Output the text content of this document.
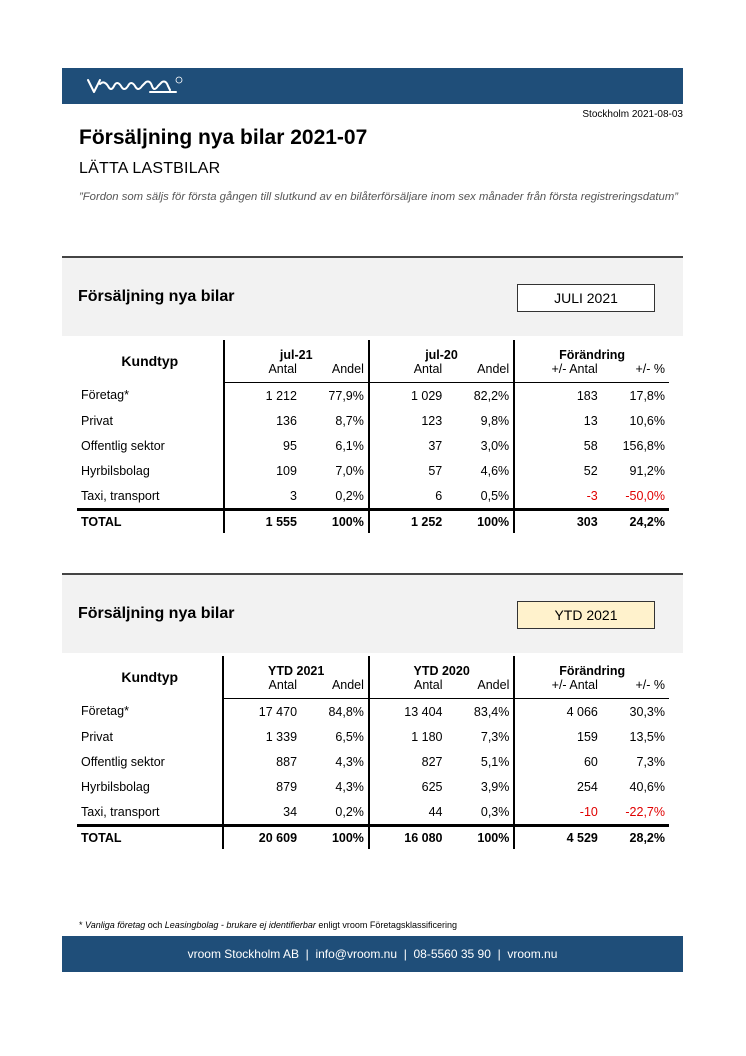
Stockholm 2021-08-03
Försäljning nya bilar 2021-07
LÄTTA LASTBILAR
”Fordon som säljs för första gången till slutkund av en bilåterförsäljare inom sex månader från första registreringsdatum”
Försäljning nya bilar	JULI 2021
Kundtyp	jul-21		jul-20		Förändring	
	Antal	Andel	Antal	Andel	+/- Antal	+/- %
Företag*	1 212	77,9%	1 029	82,2%	183	17,8%
Privat	136	8,7%	123	9,8%	13	10,6%
Offentlig sektor	95	6,1%	37	3,0%	58	156,8%
Hyrbilsbolag	109	7,0%	57	4,6%	52	91,2%
Taxi, transport	3	0,2%	6	0,5%	-3	-50,0%
TOTAL	1 555	100%	1 252	100%	303	24,2%
Försäljning nya bilar	YTD 2021
Kundtyp	YTD 2021		YTD 2020		Förändring	
	Antal	Andel	Antal	Andel	+/- Antal	+/- %
Företag*	17 470	84,8%	13 404	83,4%	4 066	30,3%
Privat	1 339	6,5%	1 180	7,3%	159	13,5%
Offentlig sektor	887	4,3%	827	5,1%	60	7,3%
Hyrbilsbolag	879	4,3%	625	3,9%	254	40,6%
Taxi, transport	34	0,2%	44	0,3%	-10	-22,7%
TOTAL	20 609	100%	16 080	100%	4 529	28,2%
* Vanliga företag och Leasingbolag - brukare ej identifierbar enligt vroom Företagsklassificering
vroom Stockholm AB | info@vroom.nu | 08-5560 35 90 | vroom.nu
